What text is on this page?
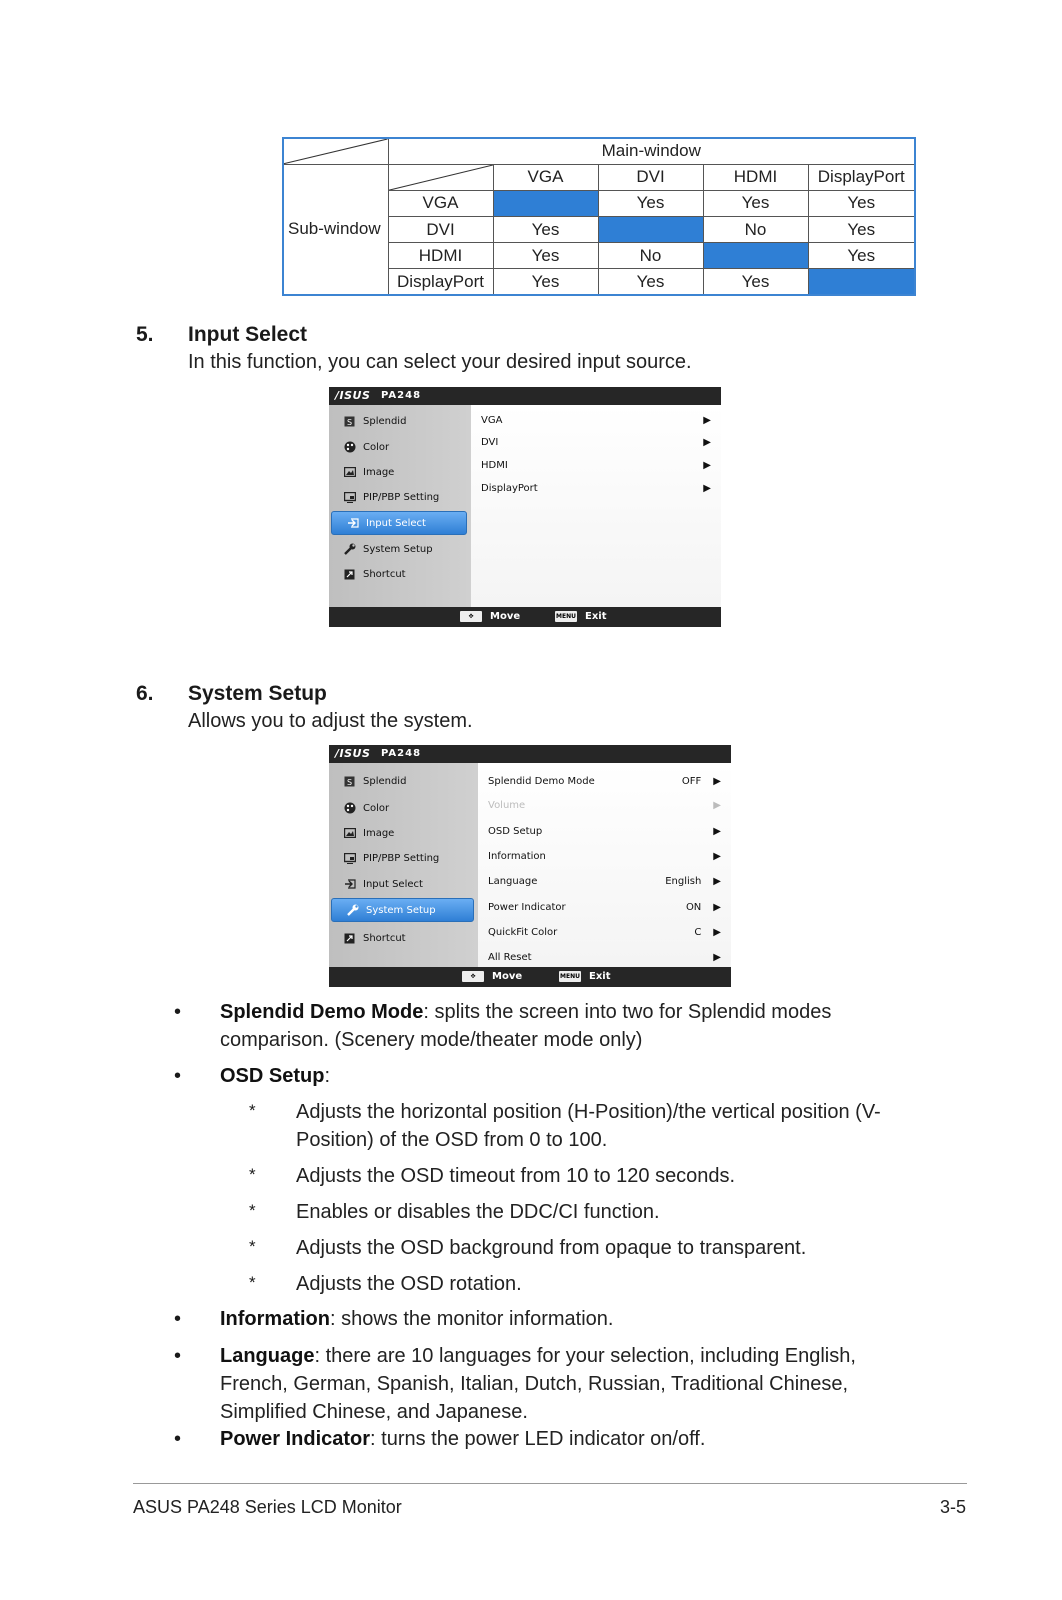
	Main-window				
Sub-window		VGA	DVI	HDMI	DisplayPort
	VGA		Yes	Yes	Yes
	DVI	Yes		No	Yes
	HDMI	Yes	No		Yes
	DisplayPort	Yes	Yes	Yes	
5. Input Select
In this function, you can select your desired input source.
/ISUS PA248
S Splendid
Color
Image
PIP/PBP Setting
Input Select
System Setup
Shortcut
VGA	▶
DVI	▶
HDMI	▶
DisplayPort	▶
✥	Move	MENU Exit
6. System Setup
Allows you to adjust the system.
/ISUS PA248
S Splendid
Color
Image
PIP/PBP Setting
Input Select
System Setup
Shortcut
Splendid Demo Mode	OFF ▶
Volume	▶
OSD Setup	▶
Information	▶
Language	English ▶
Power Indicator	ON ▶
QuickFit Color	C ▶
All Reset	▶
✥	Move	MENU Exit
• Splendid Demo Mode: splits the screen into two for Splendid modes comparison. (Scenery mode/theater mode only)
• OSD Setup:
* Adjusts the horizontal position (H-Position)/the vertical position (V-Position) of the OSD from 0 to 100.
* Adjusts the OSD timeout from 10 to 120 seconds.
* Enables or disables the DDC/CI function.
* Adjusts the OSD background from opaque to transparent.
* Adjusts the OSD rotation.
• Information: shows the monitor information.
• Language: there are 10 languages for your selection, including English, French, German, Spanish, Italian, Dutch, Russian, Traditional Chinese, Simplified Chinese, and Japanese.
• Power Indicator: turns the power LED indicator on/off.
ASUS PA248 Series LCD Monitor	3-5
